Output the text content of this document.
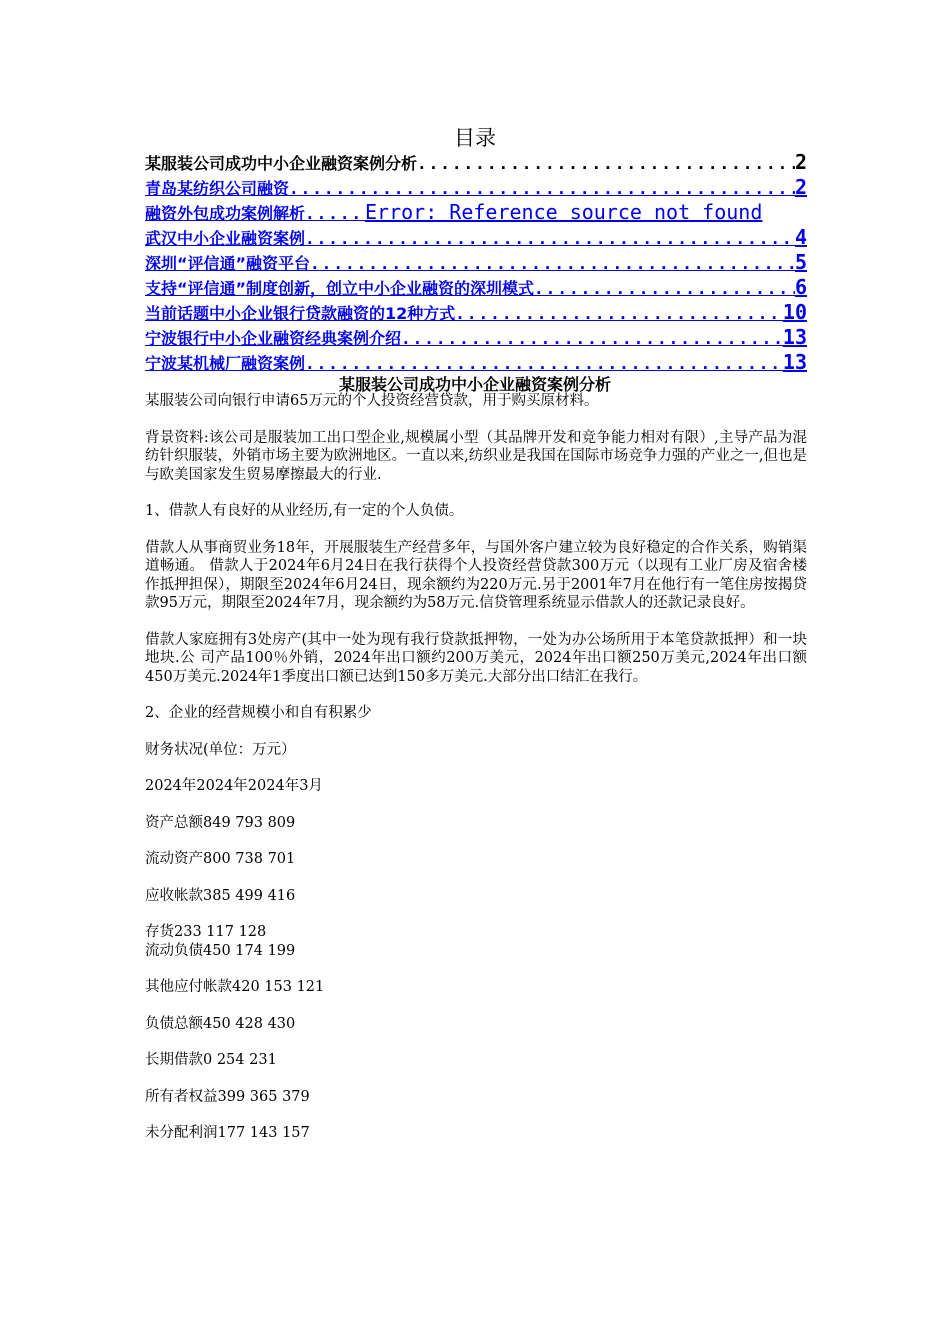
目录
某服装公司成功中小企业融资案例分析 .....	2
青岛某纺织公司融资 .....	2
融资外包成功案例解析 .....	Error: Reference source not found
武汉中小企业融资案例 .....	4
深圳“评信通”融资平台 .....	5
支持“评信通”制度创新，创立中小企业融资的深圳模式 .....	6
当前话题中小企业银行贷款融资的12种方式 .....	10
宁波银行中小企业融资经典案例介绍 .....	13
宁波某机械厂融资案例 .....	13
某服装公司成功中小企业融资案例分析

某服装公司向银行申请65万元的个人投资经营贷款，用于购买原材料。

背景资料:该公司是服装加工出口型企业,规模属小型（其品牌开发和竞争能力相对有限）,主导产品为混纺针织服装，外销市场主要为欧洲地区。一直以来,纺织业是我国在国际市场竞争力强的产业之一,但也是与欧美国家发生贸易摩擦最大的行业.

1、借款人有良好的从业经历,有一定的个人负债。

借款人从事商贸业务18年，开展服装生产经营多年，与国外客户建立较为良好稳定的合作关系，购销渠道畅通。 借款人于2024年6月24日在我行获得个人投资经营贷款300万元（以现有工业厂房及宿舍楼作抵押担保），期限至2024年6月24日，现余额约为220万元.另于2001年7月在他行有一笔住房按揭贷款95万元，期限至2024年7月，现余额约为58万元.信贷管理系统显示借款人的还款记录良好。

借款人家庭拥有3处房产(其中一处为现有我行贷款抵押物，一处为办公场所用于本笔贷款抵押）和一块地块.公 司产品100％外销，2024年出口额约200万美元，2024年出口额250万美元,2024年出口额450万美元.2024年1季度出口额已达到150多万美元.大部分出口结汇在我行。

2、企业的经营规模小和自有积累少

财务状况(单位：万元）

2024年2024年2024年3月

资产总额849 793 809

流动资产800 738 701

应收帐款385 499 416

存货233 117 128

流动负债450 174 199

其他应付帐款420 153 121

负债总额450 428 430

长期借款0 254 231

所有者权益399 365 379

未分配利润177 143 157
